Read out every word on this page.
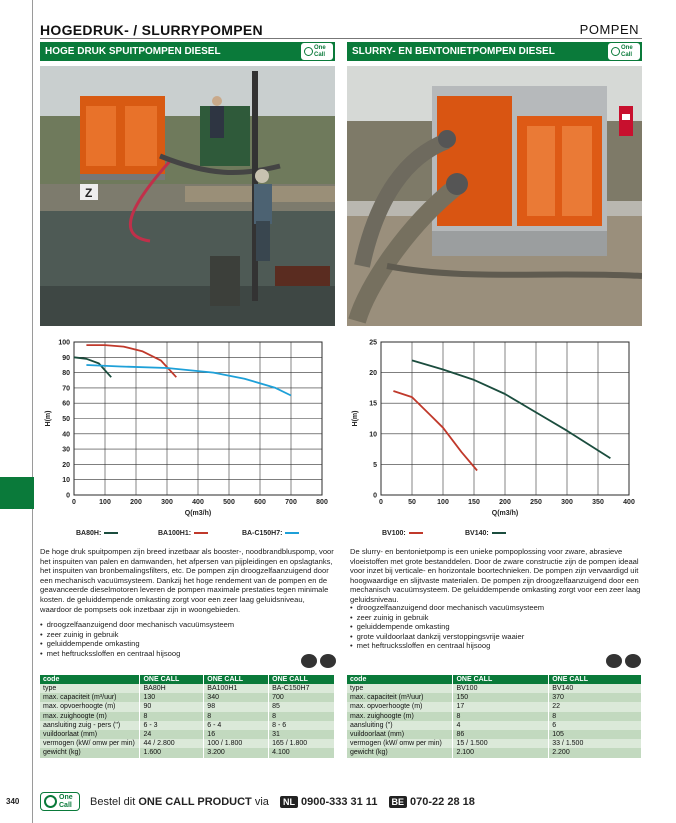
340
HOGEDRUK- / SLURRYPOMPEN	POMPEN
HOGE DRUK SPUITPOMPEN DIESEL	One
Call	SLURRY- EN BENTONIETPOMPEN DIESEL	One
Call
Z
0	100	200	300	400	500	600	700	800
0
10
20
30
40
50
60
70
80
90
100
Q(m3/h)
H(m)
BA80H:	BA100H1:	BA-C150H7:
0	50	100	150	200	250	300	350	400
0
5
10
15
20
25
Q(m3/h)
H(m)
BV100:	BV140:
De hoge druk spuitpompen zijn breed inzetbaar als booster-, noodbrandbluspomp, voor het inspuiten van palen en damwanden, het afpersen van pijpleidingen en opslagtanks, het inspuiten van bronbemalingsfilters, etc. De pompen zijn droogzelfaanzuigend door een mechanisch vacuümsysteem. Dankzij het hoge rendement van de pompen en de geavanceerde dieselmotoren leveren de pompen maximale prestaties tegen minimale kosten. de geluiddempende omkasting zorgt voor een zeer laag geluidsniveau, waardoor de pompsets ook inzetbaar zijn in woongebieden.
De slurry- en bentonietpomp is een unieke pompoplossing voor zware, abrasieve vloeistoffen met grote bestanddelen. Door de zware constructie zijn de pompen ideaal voor inzet bij verticale- en horizontale boortechnieken. De pompen zijn vervaardigd uit hoogwaardige en slijtvaste materialen. De pompen zijn droogzelfaanzuigend door een mechanisch vacuümsysteem. De geluiddempende omkasting zorgt voor een zeer laag geluidsniveau.
• droogzelfaanzuigend door mechanisch vacuümsysteem
• zeer zuinig in gebruik
• geluiddempende omkasting
• met heftruckssloffen en centraal hijsoog
• droogzelfaanzuigend door mechanisch vacuümsysteem
• zeer zuinig in gebruik
• geluiddempende omkasting
• grote vuildoorlaat dankzij verstoppingsvrije waaier
• met heftruckssloffen en centraal hijsoog
code	ONE CALL	ONE CALL	ONE CALL
type	BA80H	BA100H1	BA-C150H7
max. capaciteit (m³/uur)	130	340	700
max. opvoerhoogte (m)	90	98	85
max. zuighoogte (m)	8	8	8
aansluiting zuig - pers (")	6 - 3	6 - 4	8 - 6
vuildoorlaat (mm)	24	16	31
vermogen (kW/ omw per min)	44 / 2.800	100 / 1.800	165 / 1.800
gewicht (kg)	1.600	3.200	4.100
code	ONE CALL	ONE CALL
type	BV100	BV140
max. capaciteit (m³/uur)	150	370
max. opvoerhoogte (m)	17	22
max. zuighoogte (m)	8	8
aansluiting (")	4	6
vuildoorlaat (mm)	86	105
vermogen (kW/ omw per min)	15 / 1.500	33 / 1.500
gewicht (kg)	2.100	2.200
One
Call Bestel dit ONE CALL PRODUCT via NL 0900-333 31 11 BE 070-22 28 18
